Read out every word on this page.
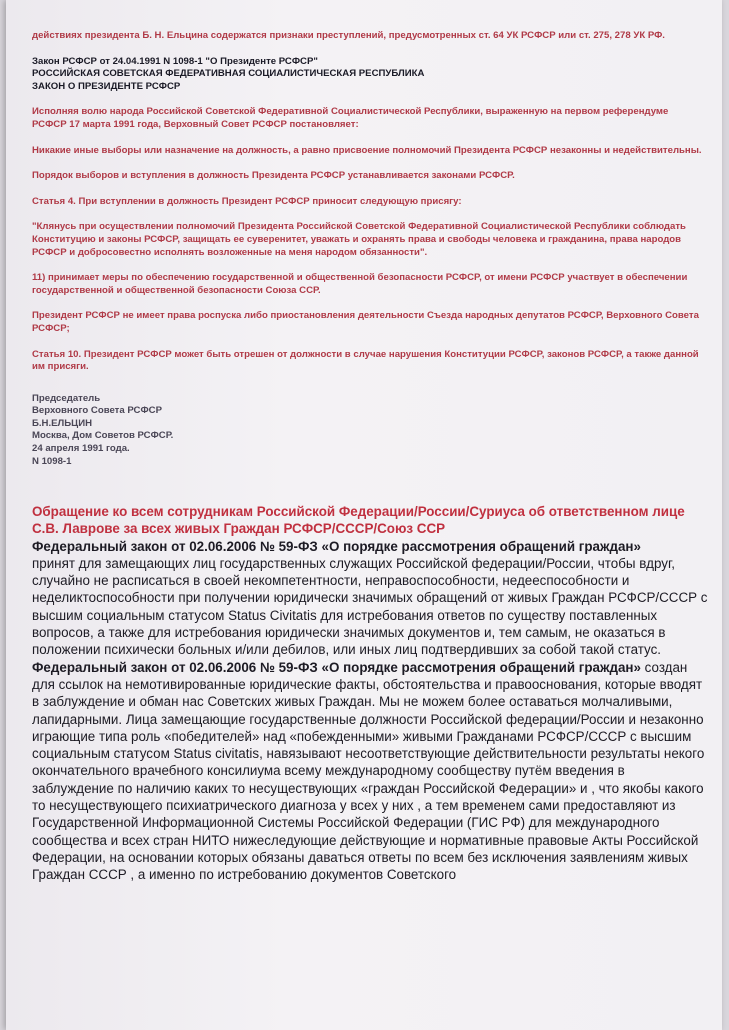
действиях президента Б. Н. Ельцина содержатся признаки преступлений, предусмотренных ст. 64 УК РСФСР или ст. 275, 278 УК РФ.

Закон РСФСР от 24.04.1991 N 1098-1 "О Президенте РСФСР"

РОССИЙСКАЯ СОВЕТСКАЯ ФЕДЕРАТИВНАЯ СОЦИАЛИСТИЧЕСКАЯ РЕСПУБЛИКА

ЗАКОН О ПРЕЗИДЕНТЕ РСФСР

Исполняя волю народа Российской Советской Федеративной Социалистической Республики, выраженную на первом референдуме РСФСР 17 марта 1991 года, Верховный Совет РСФСР постановляет:

Никакие иные выборы или назначение на должность, а равно присвоение полномочий Президента РСФСР незаконны и недействительны.

Порядок выборов и вступления в должность Президента РСФСР устанавливается законами РСФСР.

Статья 4. При вступлении в должность Президент РСФСР приносит следующую присягу:

"Клянусь при осуществлении полномочий Президента Российской Советской Федеративной Социалистической Республики соблюдать Конституцию и законы РСФСР, защищать ее суверенитет, уважать и охранять права и свободы человека и гражданина, права народов РСФСР и добросовестно исполнять возложенные на меня народом обязанности".

11) принимает меры по обеспечению государственной и общественной безопасности РСФСР, от имени РСФСР участвует в обеспечении государственной и общественной безопасности Союза ССР.

Президент РСФСР не имеет права роспуска либо приостановления деятельности Съезда народных депутатов РСФСР, Верховного Совета РСФСР;

Статья 10. Президент РСФСР может быть отрешен от должности в случае нарушения Конституции РСФСР, законов РСФСР, а также данной им присяги.

Председатель

Верховного Совета РСФСР

Б.Н.ЕЛЬЦИН

Москва, Дом Советов РСФСР.

24 апреля 1991 года.

N 1098-1

Обращение ко всем сотрудникам Российской Федерации/России/Суриуса об ответственном лице С.В. Лаврове за всех живых Граждан РСФСР/СССР/Союз ССР

Федеральный закон от 02.06.2006 № 59-ФЗ «О порядке рассмотрения обращений граждан»

принят для замещающих лиц государственных служащих Российской федерации/России, чтобы вдруг, случайно не расписаться в своей некомпетентности, неправоспособности, недееспособности и неделиктоспособности при получении юридически значимых обращений от живых Граждан РСФСР/СССР с высшим социальным статусом Status Civitatis для истребования ответов по существу поставленных вопросов, а также для истребования юридически значимых документов и, тем самым, не оказаться в положении психически больных и/или дебилов, или иных лиц подтвердивших за собой такой статус. Федеральный закон от 02.06.2006 № 59-ФЗ «О порядке рассмотрения обращений граждан» создан для ссылок на немотивированные юридические факты, обстоятельства и правооснования, которые вводят в заблуждение и обман нас Советских живых Граждан. Мы не можем более оставаться молчаливыми, лапидарными. Лица замещающие государственные должности Российской федерации/России и незаконно играющие типа роль «победителей» над «побежденными» живыми Гражданами РСФСР/СССР с высшим социальным статусом Status civitatis, навязывают несоответствующие действительности результаты некого окончательного врачебного консилиума всему международному сообществу путём введения в заблуждение по наличию каких то несуществующих «граждан Российской Федерации» и , что якобы какого то несуществующего психиатрического диагноза у всех у них , а тем временем сами предоставляют из Государственной Информационной Системы Российской Федерации (ГИС РФ) для международного сообщества и всех стран НИТО нижеследующие действующие и нормативные правовые Акты Российской Федерации, на основании которых обязаны даваться ответы по всем без исключения заявлениям живых Граждан СССР , а именно по истребованию документов Советского
